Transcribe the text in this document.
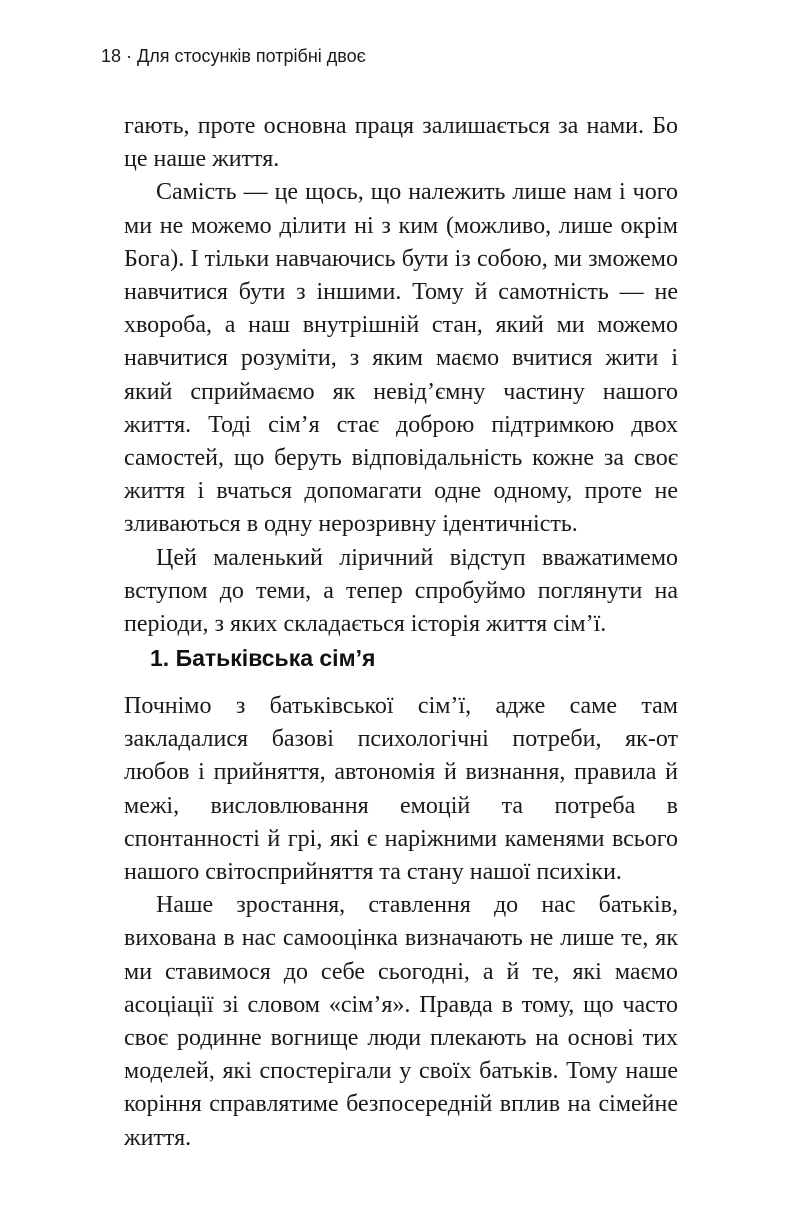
18 · Для стосунків потрібні двоє

гають, проте основна праця залишається за нами. Бо це наше життя.

Самість — це щось, що належить лише нам і чого ми не можемо ділити ні з ким (можливо, лише окрім Бога). І тільки навчаючись бути із собою, ми зможемо навчитися бути з іншими. Тому й самотність — не хвороба, а наш внутрішній стан, який ми можемо навчитися розуміти, з яким маємо вчитися жити і який сприймаємо як невід’ємну частину нашого життя. Тоді сім’я стає доброю підтримкою двох самостей, що беруть відповідальність кожне за своє життя і вчаться допомагати одне одному, проте не зливаються в одну нерозривну ідентичність.

Цей маленький ліричний відступ вважатимемо вступом до теми, а тепер спробуймо поглянути на періоди, з яких складається історія життя сім’ї.

1. Батьківська сім’я

Почнімо з батьківської сім’ї, адже саме там закладалися базові психологічні потреби, як-от любов і прийняття, автономія й визнання, правила й межі, висловлювання емоцій та потреба в спонтанності й грі, які є наріжними каменями всього нашого світосприйняття та стану нашої психіки.

Наше зростання, ставлення до нас батьків, вихована в нас самооцінка визначають не лише те, як ми ставимося до себе сьогодні, а й те, які маємо асоціації зі словом «сім’я». Правда в тому, що часто своє родинне вогнище люди плекають на основі тих моделей, які спостерігали у своїх батьків. Тому наше коріння справлятиме безпосередній вплив на сімейне життя.
